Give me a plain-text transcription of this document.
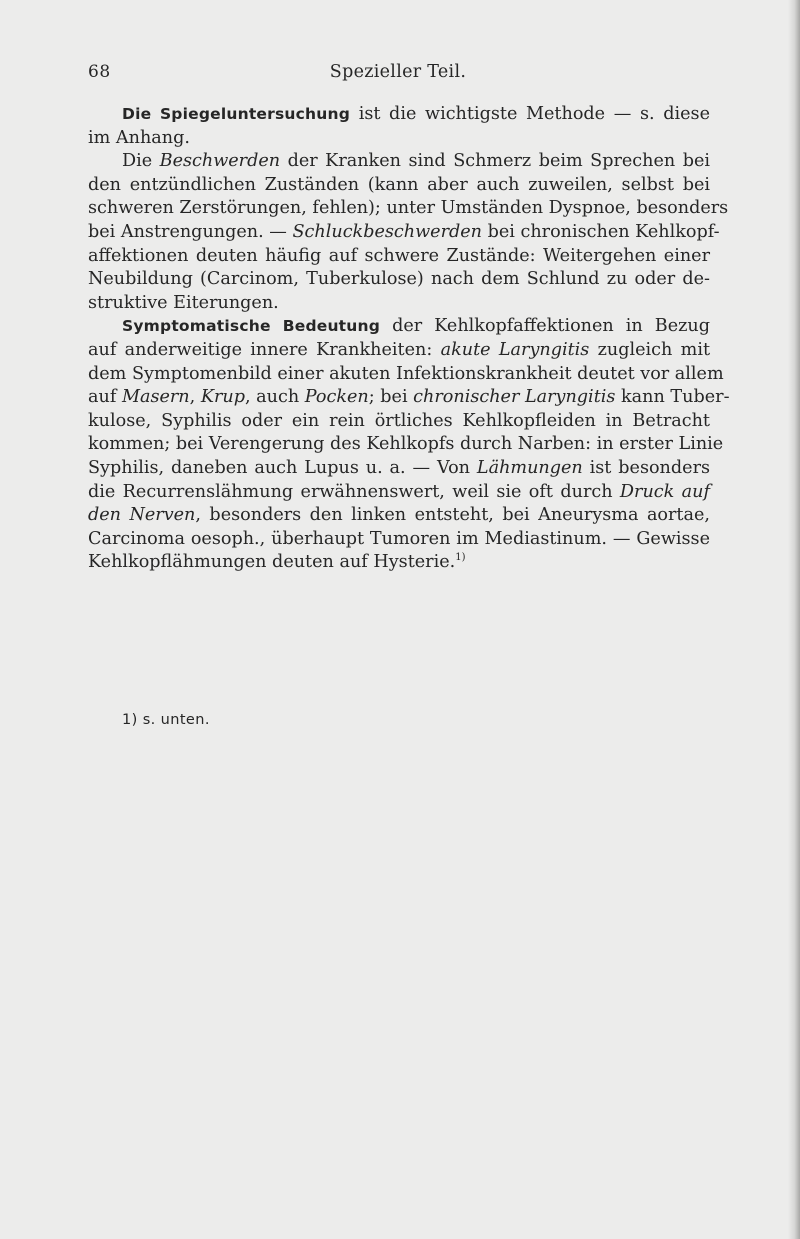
68	Spezieller Teil.
Die Spiegeluntersuchung ist die wichtigste Methode — s. diese
im Anhang.
Die Beschwerden der Kranken sind Schmerz beim Sprechen bei
den entzündlichen Zuständen (kann aber auch zuweilen, selbst bei
schweren Zerstörungen, fehlen); unter Umständen Dyspnoe, besonders
bei Anstrengungen. — Schluckbeschwerden bei chronischen Kehlkopf-
affektionen deuten häufig auf schwere Zustände: Weitergehen einer
Neubildung (Carcinom, Tuberkulose) nach dem Schlund zu oder de-
struktive Eiterungen.
Symptomatische Bedeutung der Kehlkopfaffektionen in Bezug
auf anderweitige innere Krankheiten: akute Laryngitis zugleich mit
dem Symptomenbild einer akuten Infektionskrankheit deutet vor allem
auf Masern, Krup, auch Pocken; bei chronischer Laryngitis kann Tuber-
kulose, Syphilis oder ein rein örtliches Kehlkopfleiden in Betracht
kommen; bei Verengerung des Kehlkopfs durch Narben: in erster Linie
Syphilis, daneben auch Lupus u. a. — Von Lähmungen ist besonders
die Recurrenslähmung erwähnenswert, weil sie oft durch Druck auf
den Nerven, besonders den linken entsteht, bei Aneurysma aortae,
Carcinoma oesoph., überhaupt Tumoren im Mediastinum. — Gewisse
Kehlkopflähmungen deuten auf Hysterie.$^{1)}$
1) s. unten.
